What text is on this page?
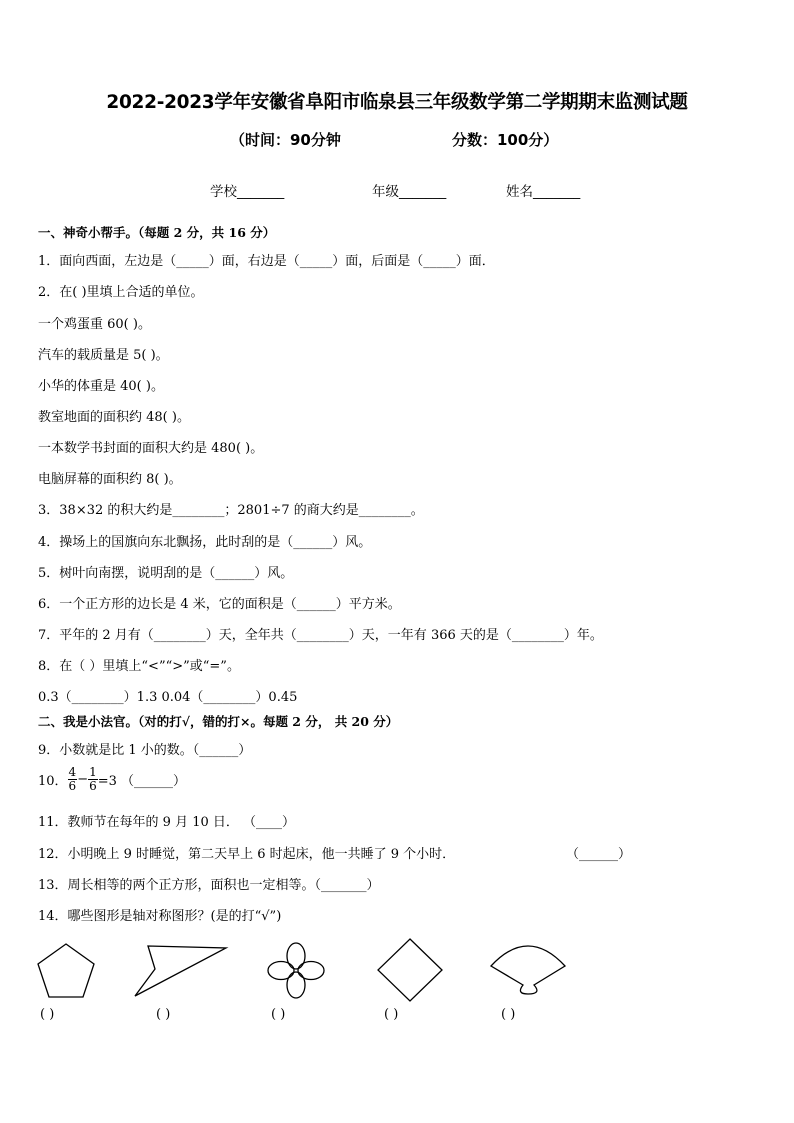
2022-2023学年安徽省阜阳市临泉县三年级数学第二学期期末监测试题
（时间：90分钟	分数：100分）
学校_______	年级_______	姓名_______
一、神奇小帮手。（每题 2 分，共 16 分）
1．面向西面，左边是（_____）面，右边是（_____）面，后面是（_____）面．
2．在( )里填上合适的单位。
一个鸡蛋重 60( )。
汽车的载质量是 5( )。
小华的体重是 40( )。
教室地面的面积约 48( )。
一本数学书封面的面积大约是 480( )。
电脑屏幕的面积约 8( )。
3．38×32 的积大约是________；2801÷7 的商大约是________。
4．操场上的国旗向东北飘扬，此时刮的是（______）风。
5．树叶向南摆，说明刮的是（______）风。
6．一个正方形的边长是 4 米，它的面积是（______）平方米。
7．平年的 2 月有（________）天，全年共（________）天，一年有 366 天的是（________）年。
8．在（ ）里填上“<”“>”或“=”。
0.3（________）1.3 0.04（________）0.45
二、我是小法官。（对的打√，错的打×。每题 2 分， 共 20 分）
9．小数就是比 1 小的数。（______）
10． $\frac{4}{6} - \frac{1}{6} =3$ （______）
11．教师节在每年的 9 月 10 日． （____）
12．小明晚上 9 时睡觉，第二天早上 6 时起床，他一共睡了 9 个小时．	（______）
13．周长相等的两个正方形，面积也一定相等。（_______）
14．哪些图形是轴对称图形？(是的打“√”)
( )	( )	( )	( )	( )
